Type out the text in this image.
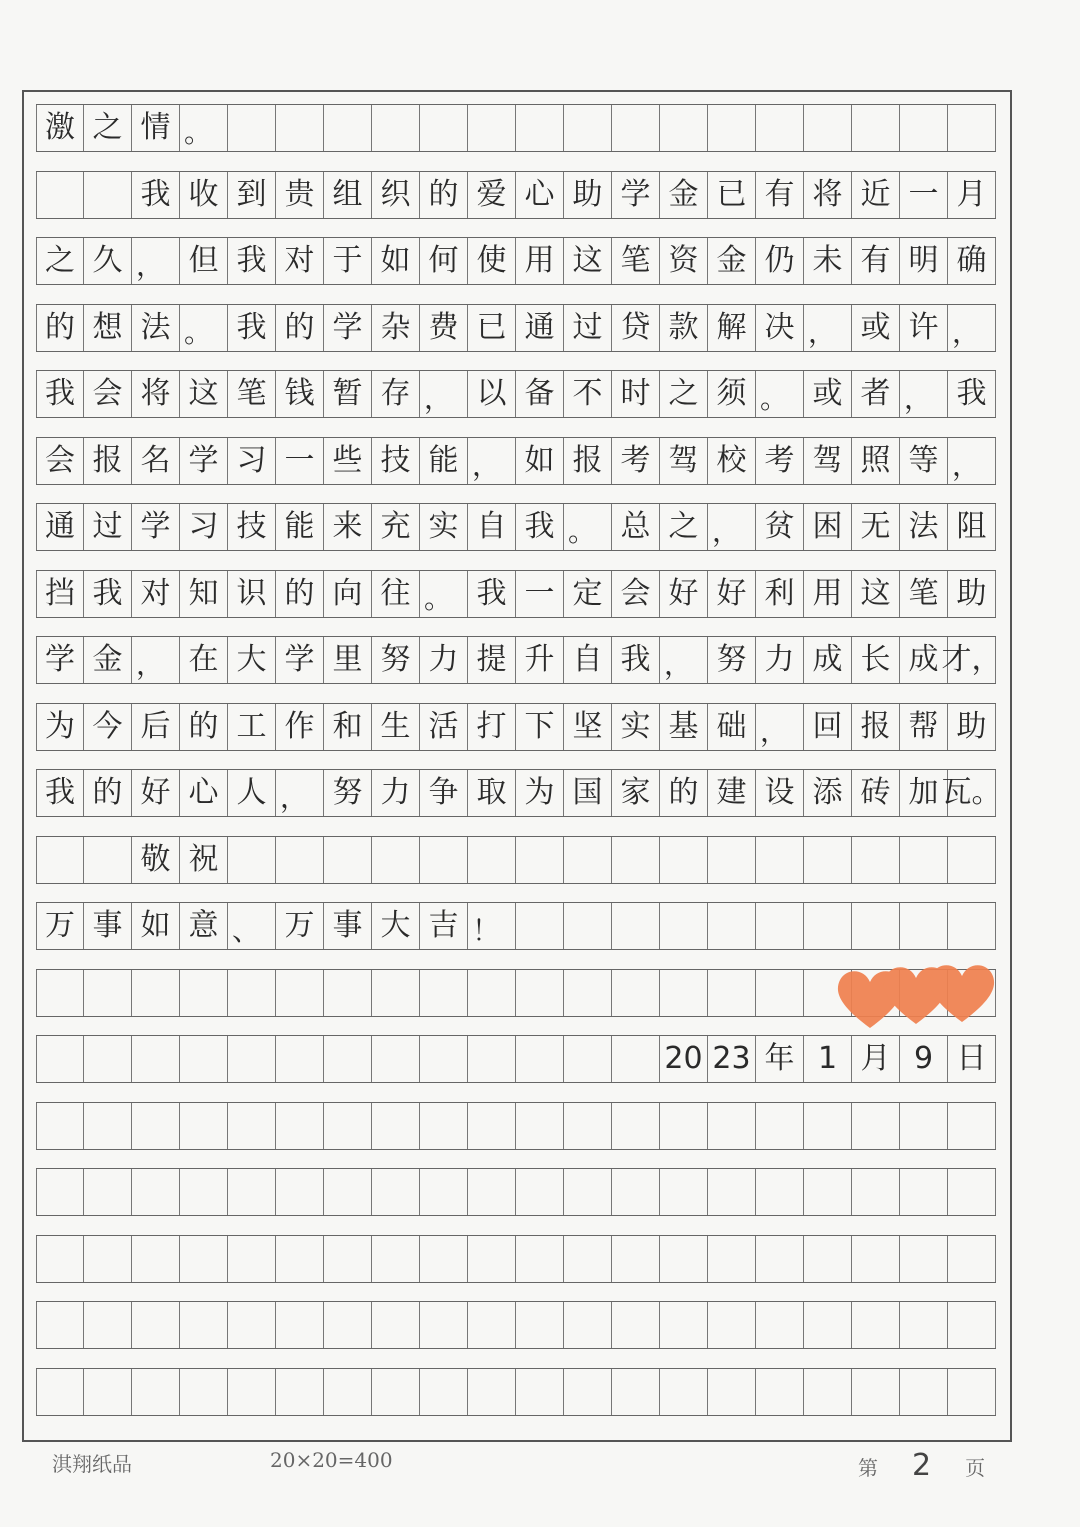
激 之 情 。
我 收 到 贵 组 织 的 爱 心 助 学 金 已 有 将 近 一 月
之 久 ， 但 我 对 于 如 何 使 用 这 笔 资 金 仍 未 有 明 确
的 想 法 。 我 的 学 杂 费 已 通 过 贷 款 解 决 ， 或 许 ，
我 会 将 这 笔 钱 暂 存 ， 以 备 不 时 之 须 。 或 者 ， 我
会 报 名 学 习 一 些 技 能 ， 如 报 考 驾 校 考 驾 照 等 ，
通 过 学 习 技 能 来 充 实 自 我 。 总 之 ， 贫 困 无 法 阻
挡 我 对 知 识 的 向 往 。 我 一 定 会 好 好 利 用 这 笔 助
学 金 ， 在 大 学 里 努 力 提 升 自 我 ， 努 力 成 长 成 才，
为 今 后 的 工 作 和 生 活 打 下 坚 实 基 础 ， 回 报 帮 助
我 的 好 心 人 ， 努 力 争 取 为 国 家 的 建 设 添 砖 加 瓦。
敬 祝
万 事 如 意 、 万 事 大 吉 ！
20 23 年 1 月 9 日
淇翔纸品	20×20=400	第 2 页
